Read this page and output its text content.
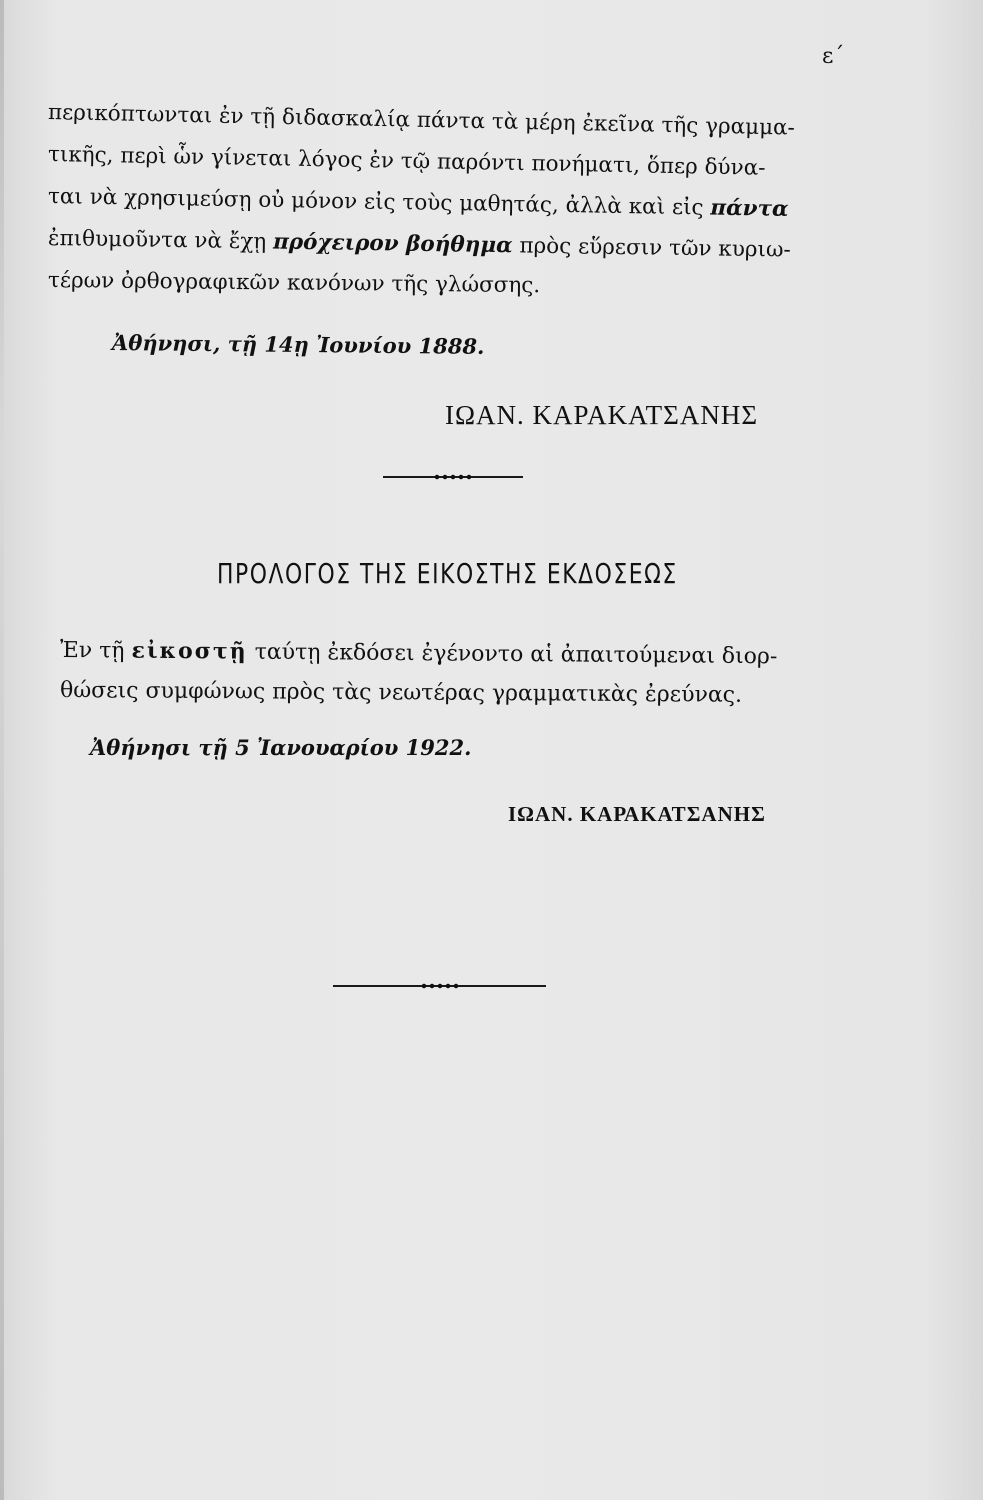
ε΄
περικόπτωνται ἐν τῇ διδασκαλίᾳ πάντα τὰ μέρη ἐκεῖνα τῆς γραμμα-
τικῆς, περὶ ὧν γίνεται λόγος ἐν τῷ παρόντι πονήματι, ὅπερ δύνα-
ται νὰ χρησιμεύσῃ οὐ μόνον εἰς τοὺς μαθητάς, ἀλλὰ καὶ εἰς πάντα
ἐπιθυμοῦντα νὰ ἔχῃ πρόχειρον βοήθημα πρὸς εὕρεσιν τῶν κυριω-
τέρων ὀρθογραφικῶν κανόνων τῆς γλώσσης.
Ἀθήνησι, τῇ 14ῃ Ἰουνίου 1888.
ΙΩΑΝ. ΚΑΡΑΚΑΤΣΑΝΗΣ
ΠΡΟΛΟΓΟΣ ΤΗΣ ΕΙΚΟΣΤΗΣ ΕΚΔΟΣΕΩΣ
Ἐν τῇ εἰκοστῇ ταύτῃ ἐκδόσει ἐγένοντο αἱ ἀπαιτούμεναι διορ-
θώσεις συμφώνως πρὸς τὰς νεωτέρας γραμματικὰς ἐρεύνας.
Ἀθήνησι τῇ 5 Ἰανουαρίου 1922.
ΙΩΑΝ. ΚΑΡΑΚΑΤΣΑΝΗΣ
